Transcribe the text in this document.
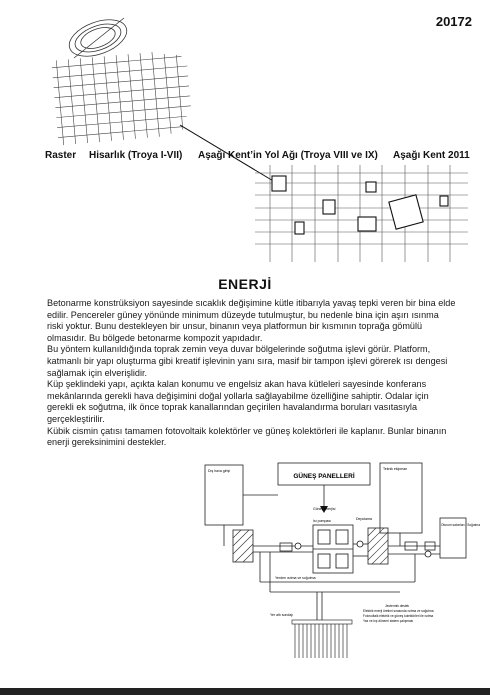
20172
Raster Hisarlık (Troya I-VII) Aşağı Kent’in Yol Ağı (Troya VIII ve IX) Aşağı Kent 2011
ENERJİ

Betonarme konstrüksiyon sayesinde sıcaklık değişimine kütle itibarıyla yavaş tepki veren bir bina elde edilir. Pencereler güney yönünde minimum düzeyde tutulmuştur, bu nedenle bina için aşırı ısınma riski yoktur. Bunu destekleyen bir unsur, binanın veya platformun bir kısmının toprağa gömülü olmasıdır. Bu bölgede betonarme kompozit yapıdadır.

Bu yöntem kullanıldığında toprak zemin veya duvar bölgelerinde soğutma işlevi görür. Platform, katmanlı bir yapı oluşturma gibi kreatif işlevinin yanı sıra, masif bir tampon işlevi görerek ısı dengesi sağlamak için elverişlidir.

Küp şeklindeki yapı, açıkta kalan konumu ve engelsiz akan hava kütleleri sayesinde konferans mekânlarında gerekli hava değişimini doğal yollarla sağlayabilme özelliğine sahiptir. Odalar için gerekli ek soğutma, ilk önce toprak kanallarından geçirilen havalandırma boruları vasıtasıyla gerçekleştirilir.

Kübik cismin çatısı tamamen fotovoltaik kolektörler ve güneş kolektörleri ile kaplanır. Bunlar binanın enerji gereksinimini destekler.

GÜNEŞ PANELLERİ
Dış hava girişi	Teknik ekipman
Güneş enerjisi
Isı pompası	Depolama
Oturum salonları / Soğutma
Yerden ısıtma ve soğutma
Yer altı sondajı
Jeotermik destek
Elektrik enerji üretimi sırasında ısıtma ve soğutma
Fotovoltaik elektrik ve güneş kolektörleri ile ısıtma
Yaz ve kış dönemi sistem çalışması
